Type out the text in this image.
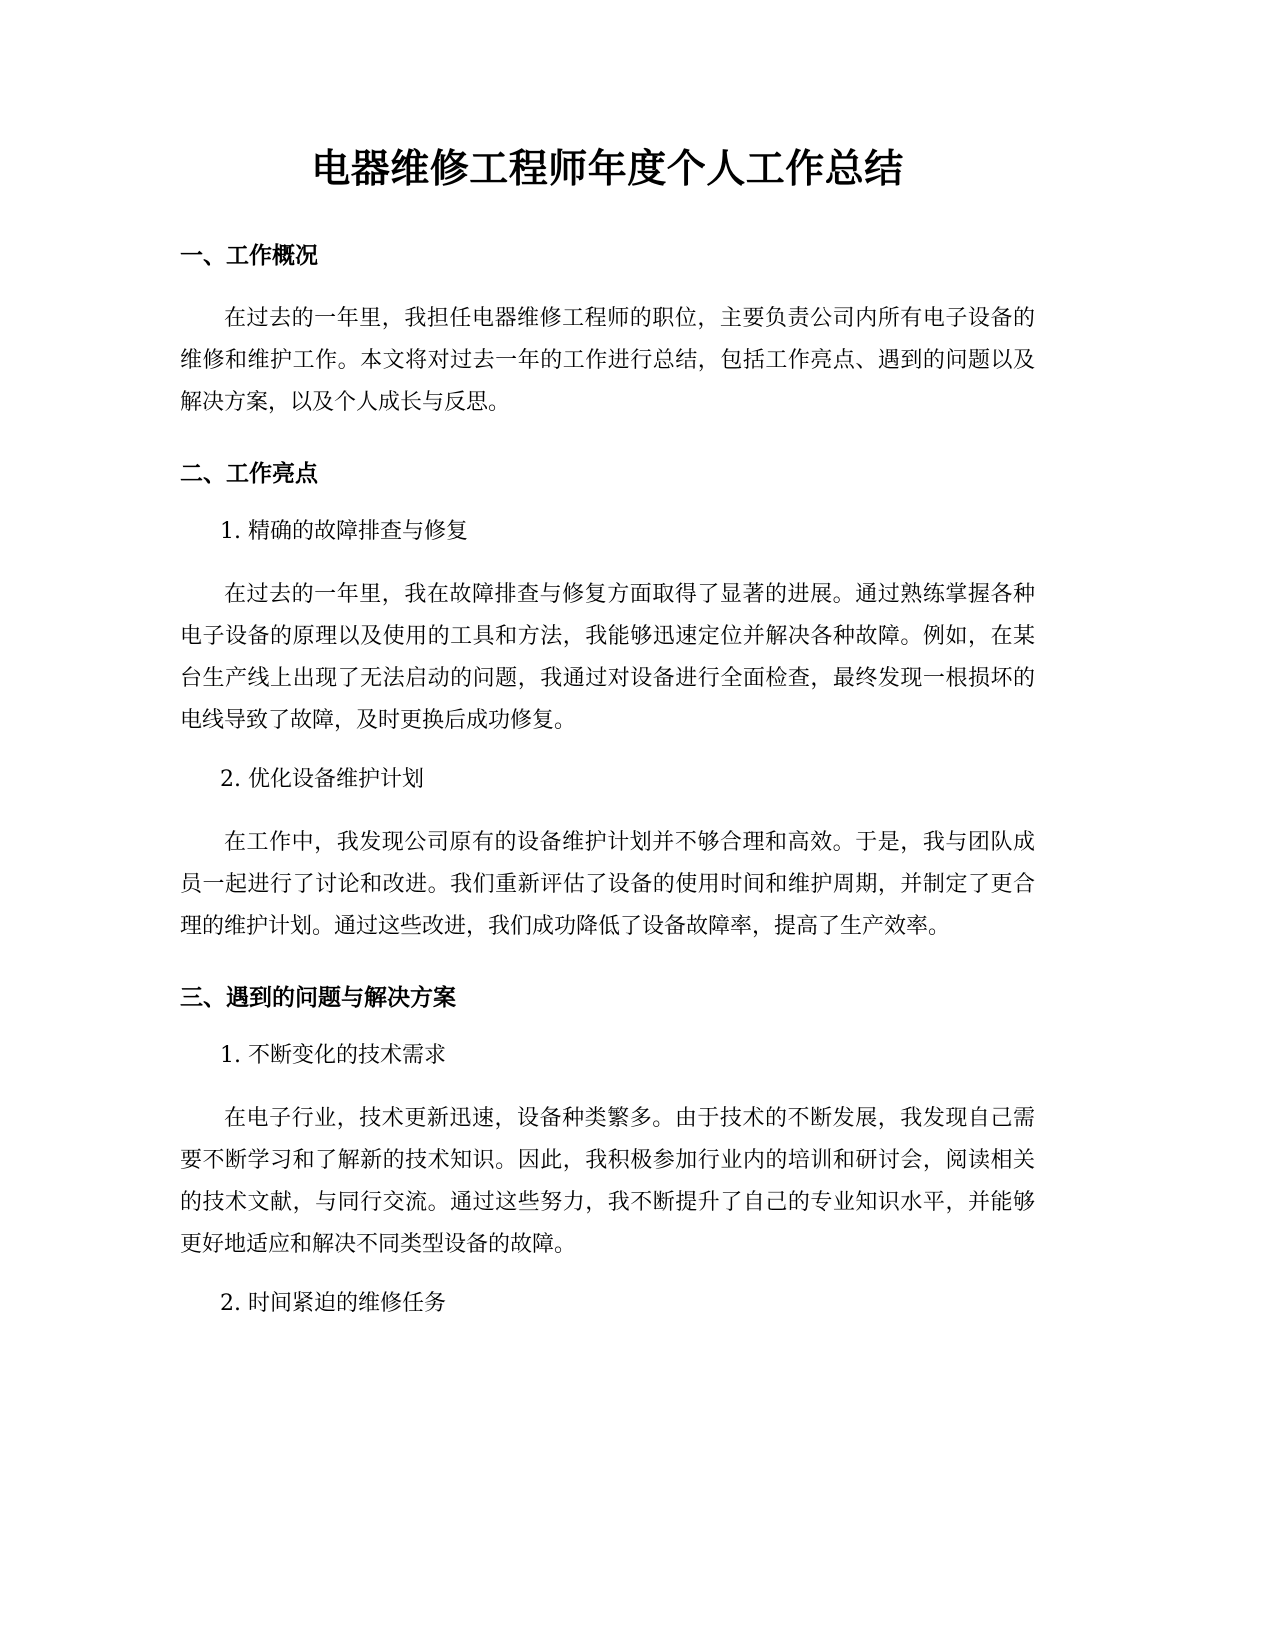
电器维修工程师年度个人工作总结
一、工作概况

在过去的一年里，我担任电器维修工程师的职位，主要负责公司内所有电子设备的维修和维护工作。本文将对过去一年的工作进行总结，包括工作亮点、遇到的问题以及解决方案，以及个人成长与反思。

二、工作亮点

1. 精确的故障排查与修复

在过去的一年里，我在故障排查与修复方面取得了显著的进展。通过熟练掌握各种电子设备的原理以及使用的工具和方法，我能够迅速定位并解决各种故障。例如，在某台生产线上出现了无法启动的问题，我通过对设备进行全面检查，最终发现一根损坏的电线导致了故障，及时更换后成功修复。

2. 优化设备维护计划

在工作中，我发现公司原有的设备维护计划并不够合理和高效。于是，我与团队成员一起进行了讨论和改进。我们重新评估了设备的使用时间和维护周期，并制定了更合理的维护计划。通过这些改进，我们成功降低了设备故障率，提高了生产效率。

三、遇到的问题与解决方案

1. 不断变化的技术需求

在电子行业，技术更新迅速，设备种类繁多。由于技术的不断发展，我发现自己需要不断学习和了解新的技术知识。因此，我积极参加行业内的培训和研讨会，阅读相关的技术文献，与同行交流。通过这些努力，我不断提升了自己的专业知识水平，并能够更好地适应和解决不同类型设备的故障。

2. 时间紧迫的维修任务
